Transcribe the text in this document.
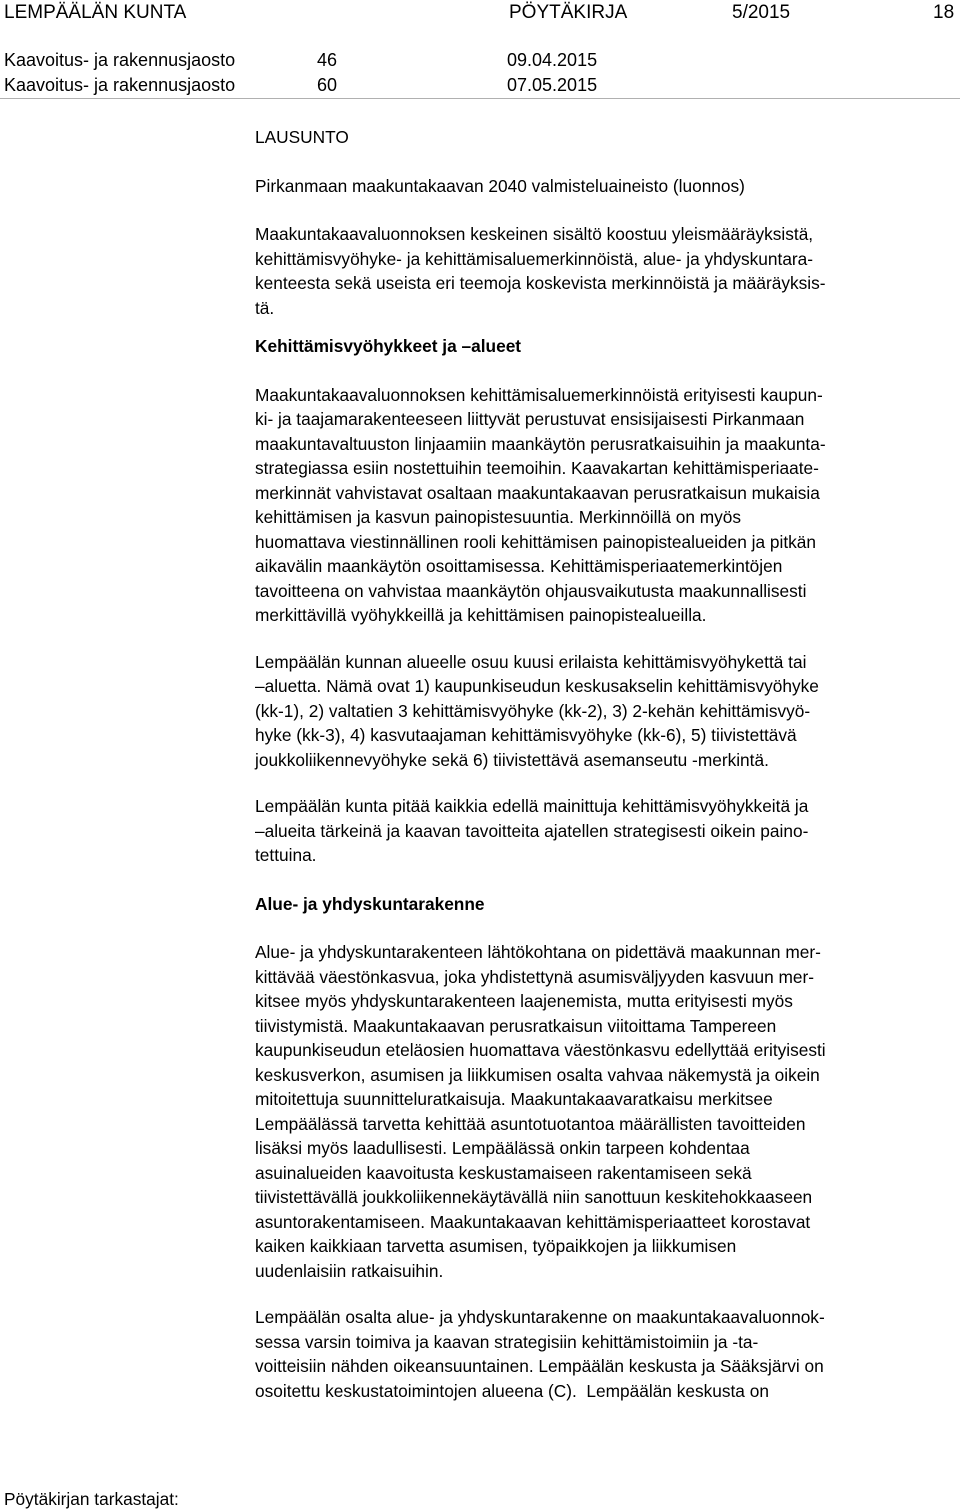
LEMPÄÄLÄN KUNTA	PÖYTÄKIRJA	5/2015	18
Kaavoitus- ja rakennusjaosto	46	09.04.2015
Kaavoitus- ja rakennusjaosto	60	07.05.2015

LAUSUNTO

Pirkanmaan maakuntakaavan 2040 valmisteluaineisto (luonnos)

Maakuntakaavaluonnoksen keskeinen sisältö koostuu yleismääräyksistä,

kehittämisvyöhyke- ja kehittämisaluemerkinnöistä, alue- ja yhdyskuntara-

kenteesta sekä useista eri teemoja koskevista merkinnöistä ja määräyksis-

tä.

Kehittämisvyöhykkeet ja –alueet

Maakuntakaavaluonnoksen kehittämisaluemerkinnöistä erityisesti kaupun-

ki- ja taajamarakenteeseen liittyvät perustuvat ensisijaisesti Pirkanmaan

maakuntavaltuuston linjaamiin maankäytön perusratkaisuihin ja maakunta-

strategiassa esiin nostettuihin teemoihin. Kaavakartan kehittämisperiaate-

merkinnät vahvistavat osaltaan maakuntakaavan perusratkaisun mukaisia

kehittämisen ja kasvun painopistesuuntia. Merkinnöillä on myös

huomattava viestinnällinen rooli kehittämisen painopistealueiden ja pitkän

aikavälin maankäytön osoittamisessa. Kehittämisperiaatemerkintöjen

tavoitteena on vahvistaa maankäytön ohjausvaikutusta maakunnallisesti

merkittävillä vyöhykkeillä ja kehittämisen painopistealueilla.

Lempäälän kunnan alueelle osuu kuusi erilaista kehittämisvyöhykettä tai

–aluetta. Nämä ovat 1) kaupunkiseudun keskusakselin kehittämisvyöhyke

(kk-1), 2) valtatien 3 kehittämisvyöhyke (kk-2), 3) 2-kehän kehittämisvyö-

hyke (kk-3), 4) kasvutaajaman kehittämisvyöhyke (kk-6), 5) tiivistettävä

joukkoliikennevyöhyke sekä 6) tiivistettävä asemanseutu -merkintä.

Lempäälän kunta pitää kaikkia edellä mainittuja kehittämisvyöhykkeitä ja

–alueita tärkeinä ja kaavan tavoitteita ajatellen strategisesti oikein paino-

tettuina.

Alue- ja yhdyskuntarakenne

Alue- ja yhdyskuntarakenteen lähtökohtana on pidettävä maakunnan mer-

kittävää väestönkasvua, joka yhdistettynä asumisväljyyden kasvuun mer-

kitsee myös yhdyskuntarakenteen laajenemista, mutta erityisesti myös

tiivistymistä. Maakuntakaavan perusratkaisun viitoittama Tampereen

kaupunkiseudun eteläosien huomattava väestönkasvu edellyttää erityisesti

keskusverkon, asumisen ja liikkumisen osalta vahvaa näkemystä ja oikein

mitoitettuja suunnitteluratkaisuja. Maakuntakaavaratkaisu merkitsee

Lempäälässä tarvetta kehittää asuntotuotantoa määrällisten tavoitteiden

lisäksi myös laadullisesti. Lempäälässä onkin tarpeen kohdentaa

asuinalueiden kaavoitusta keskustamaiseen rakentamiseen sekä

tiivistettävällä joukkoliikennekäytävällä niin sanottuun keskitehokkaaseen

asuntorakentamiseen. Maakuntakaavan kehittämisperiaatteet korostavat

kaiken kaikkiaan tarvetta asumisen, työpaikkojen ja liikkumisen

uudenlaisiin ratkaisuihin.

Lempäälän osalta alue- ja yhdyskuntarakenne on maakuntakaavaluonnok-

sessa varsin toimiva ja kaavan strategisiin kehittämistoimiin ja -ta-

voitteisiin nähden oikeansuuntainen. Lempäälän keskusta ja Sääksjärvi on

osoitettu keskustatoimintojen alueena (C).  Lempäälän keskusta on

Pöytäkirjan tarkastajat:
